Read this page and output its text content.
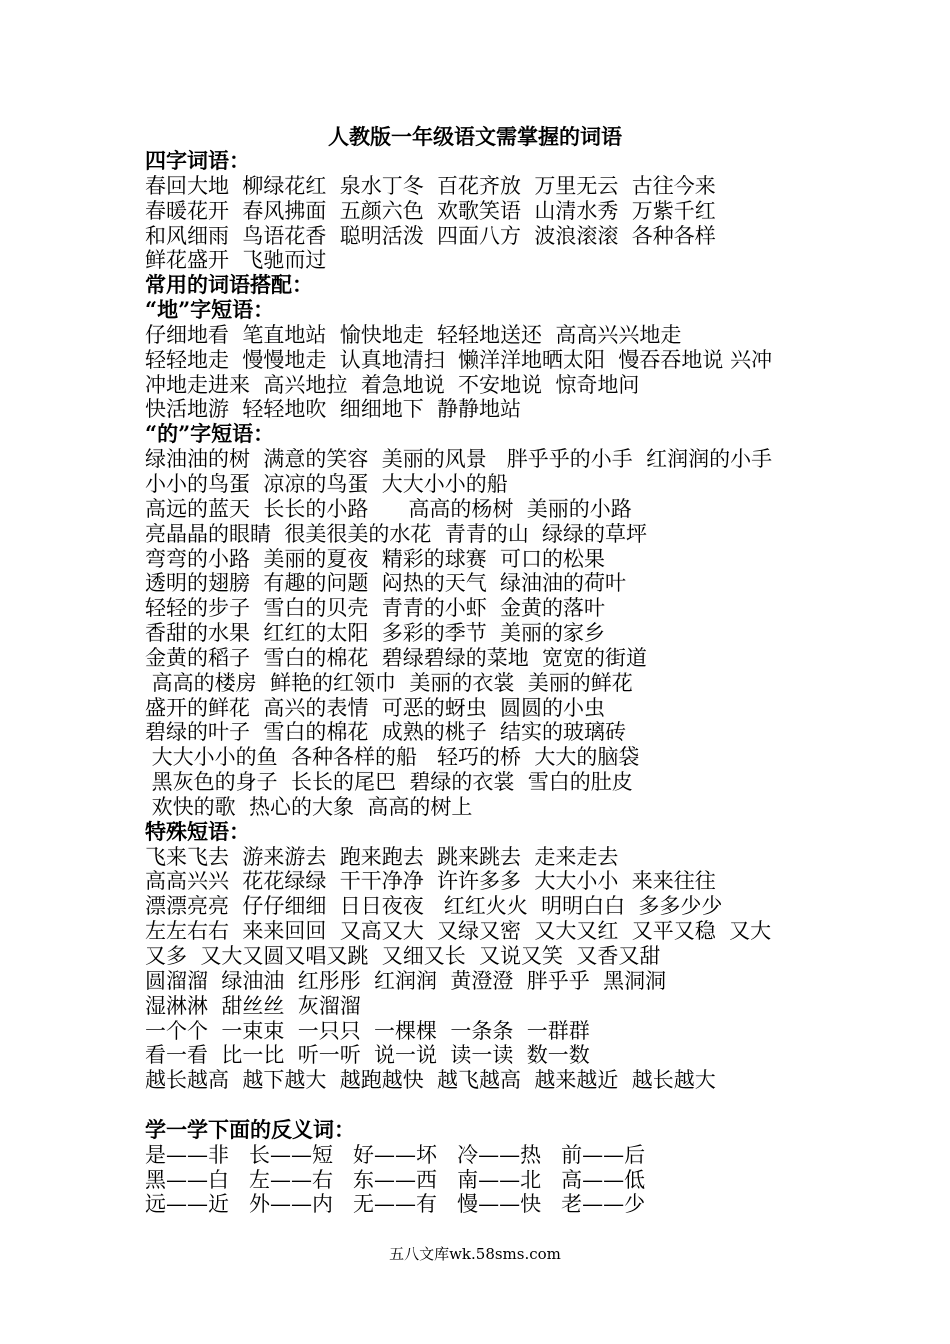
人教版一年级语文需掌握的词语
四字词语：
春回大地  柳绿花红  泉水丁冬  百花齐放  万里无云  古往今来
春暖花开  春风拂面  五颜六色  欢歌笑语  山清水秀  万紫千红
和风细雨  鸟语花香  聪明活泼  四面八方  波浪滚滚  各种各样
鲜花盛开  飞驰而过
常用的词语搭配：
“地”字短语：
仔细地看  笔直地站  愉快地走  轻轻地送还  高高兴兴地走
轻轻地走  慢慢地走  认真地清扫  懒洋洋地晒太阳  慢吞吞地说 兴冲
冲地走进来  高兴地拉  着急地说  不安地说  惊奇地问
快活地游  轻轻地吹  细细地下  静静地站
“的”字短语：
绿油油的树  满意的笑容  美丽的风景   胖乎乎的小手  红润润的小手
小小的鸟蛋  凉凉的鸟蛋  大大小小的船
高远的蓝天  长长的小路      高高的杨树  美丽的小路
亮晶晶的眼睛  很美很美的水花  青青的山  绿绿的草坪
弯弯的小路  美丽的夏夜  精彩的球赛  可口的松果
透明的翅膀  有趣的问题  闷热的天气  绿油油的荷叶
轻轻的步子  雪白的贝壳  青青的小虾  金黄的落叶
香甜的水果  红红的太阳  多彩的季节  美丽的家乡
金黄的稻子  雪白的棉花  碧绿碧绿的菜地  宽宽的街道
高高的楼房  鲜艳的红领巾  美丽的衣裳  美丽的鲜花
盛开的鲜花  高兴的表情  可恶的蚜虫  圆圆的小虫
碧绿的叶子  雪白的棉花  成熟的桃子  结实的玻璃砖
大大小小的鱼  各种各样的船   轻巧的桥  大大的脑袋
黑灰色的身子  长长的尾巴  碧绿的衣裳  雪白的肚皮
欢快的歌  热心的大象  高高的树上
特殊短语：
飞来飞去  游来游去  跑来跑去  跳来跳去  走来走去
高高兴兴  花花绿绿  干干净净  许许多多  大大小小  来来往往
漂漂亮亮  仔仔细细  日日夜夜   红红火火  明明白白  多多少少
左左右右  来来回回  又高又大  又绿又密  又大又红  又平又稳  又大
又多  又大又圆又唱又跳  又细又长  又说又笑  又香又甜
圆溜溜  绿油油  红彤彤  红润润  黄澄澄  胖乎乎  黑洞洞
湿淋淋  甜丝丝  灰溜溜
一个个  一束束  一只只  一棵棵  一条条  一群群
看一看  比一比  听一听  说一说  读一读  数一数
越长越高  越下越大  越跑越快  越飞越高  越来越近  越长越大
学一学下面的反义词：
是——非   长——短   好——坏   冷——热   前——后
黑——白   左——右   东——西   南——北   高——低
远——近   外——内   无——有   慢——快   老——少
五八文库wk.58sms.com
